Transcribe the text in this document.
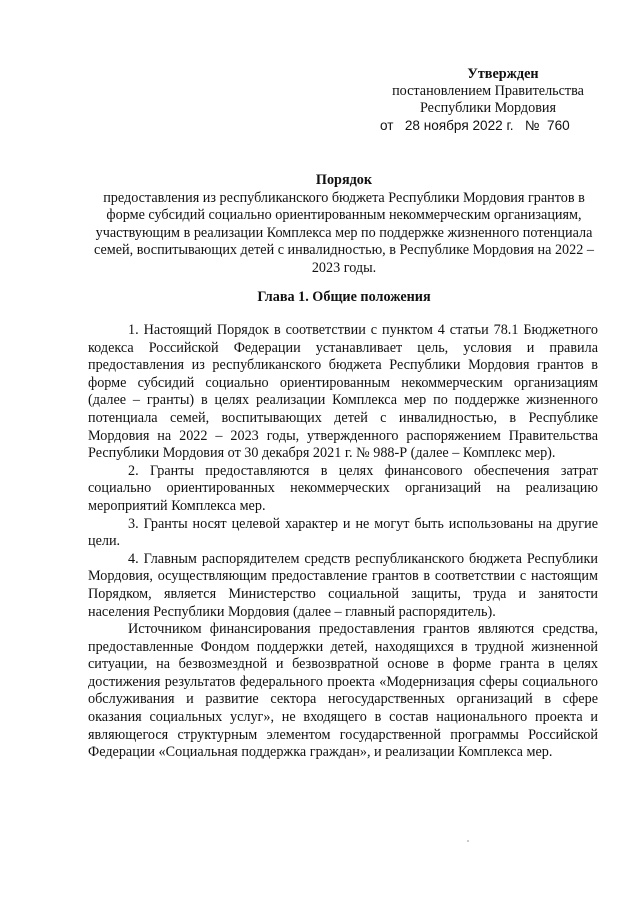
Утвержден
постановлением Правительства
Республики Мордовия
от   28 ноября 2022 г.   №  760
Порядок
предоставления из республиканского бюджета Республики Мордовия грантов в форме субсидий социально ориентированным некоммерческим организациям, участвующим в реализации Комплекса мер по поддержке жизненного потенциала семей, воспитывающих детей с инвалидностью, в Республике Мордовия на 2022 – 2023 годы.
Глава 1. Общие положения

1. Настоящий Порядок в соответствии с пунктом 4 статьи 78.1 Бюджетного кодекса Российской Федерации устанавливает цель, условия и правила предоставления из республиканского бюджета Республики Мордовия грантов в форме субсидий социально ориентированным некоммерческим организациям (далее – гранты) в целях реализации Комплекса мер по поддержке жизненного потенциала семей, воспитывающих детей с инвалидностью, в Республике Мордовия на 2022 – 2023 годы, утвержденного распоряжением Правительства Республики Мордовия от 30 декабря 2021 г. № 988-Р (далее – Комплекс мер).

2. Гранты предоставляются в целях финансового обеспечения затрат социально ориентированных некоммерческих организаций на реализацию мероприятий Комплекса мер.

3. Гранты носят целевой характер и не могут быть использованы на другие цели.

4. Главным распорядителем средств республиканского бюджета Республики Мордовия, осуществляющим предоставление грантов в соответствии с настоящим Порядком, является Министерство социальной защиты, труда и занятости населения Республики Мордовия (далее – главный распорядитель).

Источником финансирования предоставления грантов являются средства, предоставленные Фондом поддержки детей, находящихся в трудной жизненной ситуации, на безвозмездной и безвозвратной основе в форме гранта в целях достижения результатов федерального проекта «Модернизация сферы социального обслуживания и развитие сектора негосударственных организаций в сфере оказания социальных услуг», не входящего в состав национального проекта и являющегося структурным элементом государственной программы Российской Федерации «Социальная поддержка граждан», и реализации Комплекса мер.
